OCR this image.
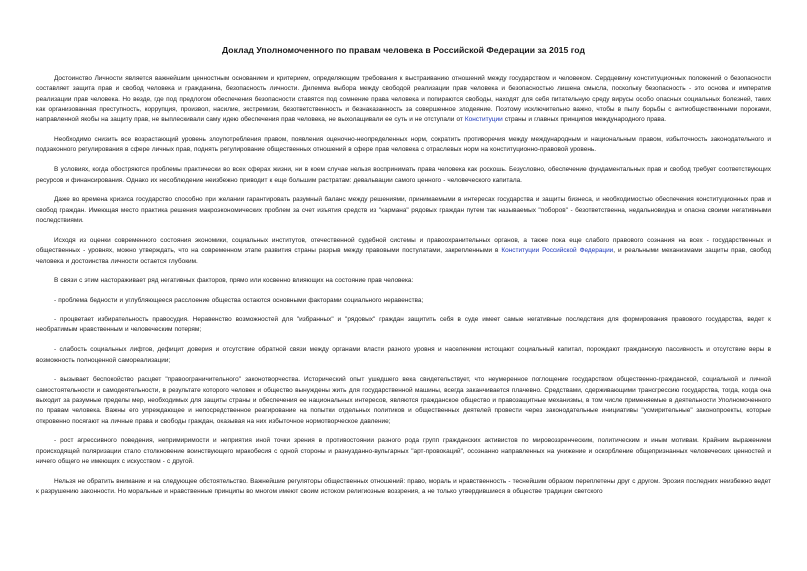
Доклад Уполномоченного по правам человека в Российской Федерации за 2015 год

Достоинство Личности является важнейшим ценностным основанием и критерием, определяющим требования к выстраиванию отношений между государством и человеком. Сердцевину конституционных положений о безопасности составляет защита прав и свобод человека и гражданина, безопасность личности. Дилемма выбора между свободой реализации прав человека и безопасностью лишена смысла, поскольку безопасность - это основа и императив реализации прав человека. Но везде, где под предлогом обеспечения безопасности ставятся под сомнение права человека и попираются свободы, находят для себя питательную среду вирусы особо опасных социальных болезней, таких как организованная преступность, коррупция, произвол, насилие, экстремизм, безответственность и безнаказанность за совершенное злодеяние. Поэтому исключительно важно, чтобы в пылу борьбы с антиобщественными пороками, направленной якобы на защиту прав, не выплескивали саму идею обеспечения прав человека, не выхолащивали ее суть и не отступали от Конституции страны и главных принципов международного права.

Необходимо снизить все возрастающий уровень злоупотребления правом, появления оценочно-неопределенных норм, сократить противоречия между международным и национальным правом, избыточность законодательного и подзаконного регулирования в сфере личных прав, поднять регулирование общественных отношений в сфере прав человека с отраслевых норм на конституционно-правовой уровень.

В условиях, когда обостряются проблемы практически во всех сферах жизни, ни в коем случае нельзя воспринимать права человека как роскошь. Безусловно, обеспечение фундаментальных прав и свобод требует соответствующих ресурсов и финансирования. Однако их несоблюдение неизбежно приводит к еще большим растратам: девальвации самого ценного - человеческого капитала.

Даже во времена кризиса государство способно при желании гарантировать разумный баланс между решениями, принимаемыми в интересах государства и защиты бизнеса, и необходимостью обеспечения конституционных прав и свобод граждан. Имеющая место практика решения макроэкономических проблем за счет изъятия средств из "кармана" рядовых граждан путем так называемых "поборов" - безответственна, недальновидна и опасна своими негативными последствиями.

Исходя из оценки современного состояния экономики, социальных институтов, отечественной судебной системы и правоохранительных органов, а также пока еще слабого правового сознания на всех - государственных и общественных - уровнях, можно утверждать, что на современном этапе развития страны разрыв между правовыми постулатами, закрепленными в Конституции Российской Федерации, и реальными механизмами защиты прав, свобод человека и достоинства личности остается глубоким.

В связи с этим настораживает ряд негативных факторов, прямо или косвенно влияющих на состояние прав человека:

- проблема бедности и углубляющееся расслоение общества остаются основными факторами социального неравенства;

- процветает избирательность правосудия. Неравенство возможностей для "избранных" и "рядовых" граждан защитить себя в суде имеет самые негативные последствия для формирования правового государства, ведет к необратимым нравственным и человеческим потерям;

- слабость социальных лифтов, дефицит доверия и отсутствие обратной связи между органами власти разного уровня и населением истощают социальный капитал, порождают гражданскую пассивность и отсутствие веры в возможность полноценной самореализации;

- вызывает беспокойство расцвет "правоограничительного" законотворчества. Исторический опыт ушедшего века свидетельствует, что неумеренное поглощение государством общественно-гражданской, социальной и личной самостоятельности и самодеятельности, в результате которого человек и общество вынуждены жить для государственной машины, всегда заканчивается плачевно. Средствами, сдерживающими трансгрессию государства, тогда, когда она выходит за разумные пределы мер, необходимых для защиты страны и обеспечения ее национальных интересов, являются гражданское общество и правозащитные механизмы, в том числе применяемые в деятельности Уполномоченного по правам человека. Важны его упреждающее и непосредственное реагирование на попытки отдельных политиков и общественных деятелей провести через законодательные инициативы "усмирительные" законопроекты, которые откровенно посягают на личные права и свободы граждан, оказывая на них избыточное нормотворческое давление;

- рост агрессивного поведения, непримиримости и неприятия иной точки зрения в противостоянии разного рода групп гражданских активистов по мировоззренческим, политическим и иным мотивам. Крайним выражением происходящей поляризации стало столкновение воинствующего мракобесия с одной стороны и разнузданно-вульгарных "арт-провокаций", осознанно направленных на унижение и оскорбление общепризнанных человеческих ценностей и ничего общего не имеющих с искусством - с другой.

Нельзя не обратить внимание и на следующее обстоятельство. Важнейшие регуляторы общественных отношений: право, мораль и нравственность - теснейшим образом переплетены друг с другом. Эрозия последних неизбежно ведет к разрушению законности. Но моральные и нравственные принципы во многом имеют своим истоком религиозные воззрения, а не только утвердившиеся в обществе традиции светского
